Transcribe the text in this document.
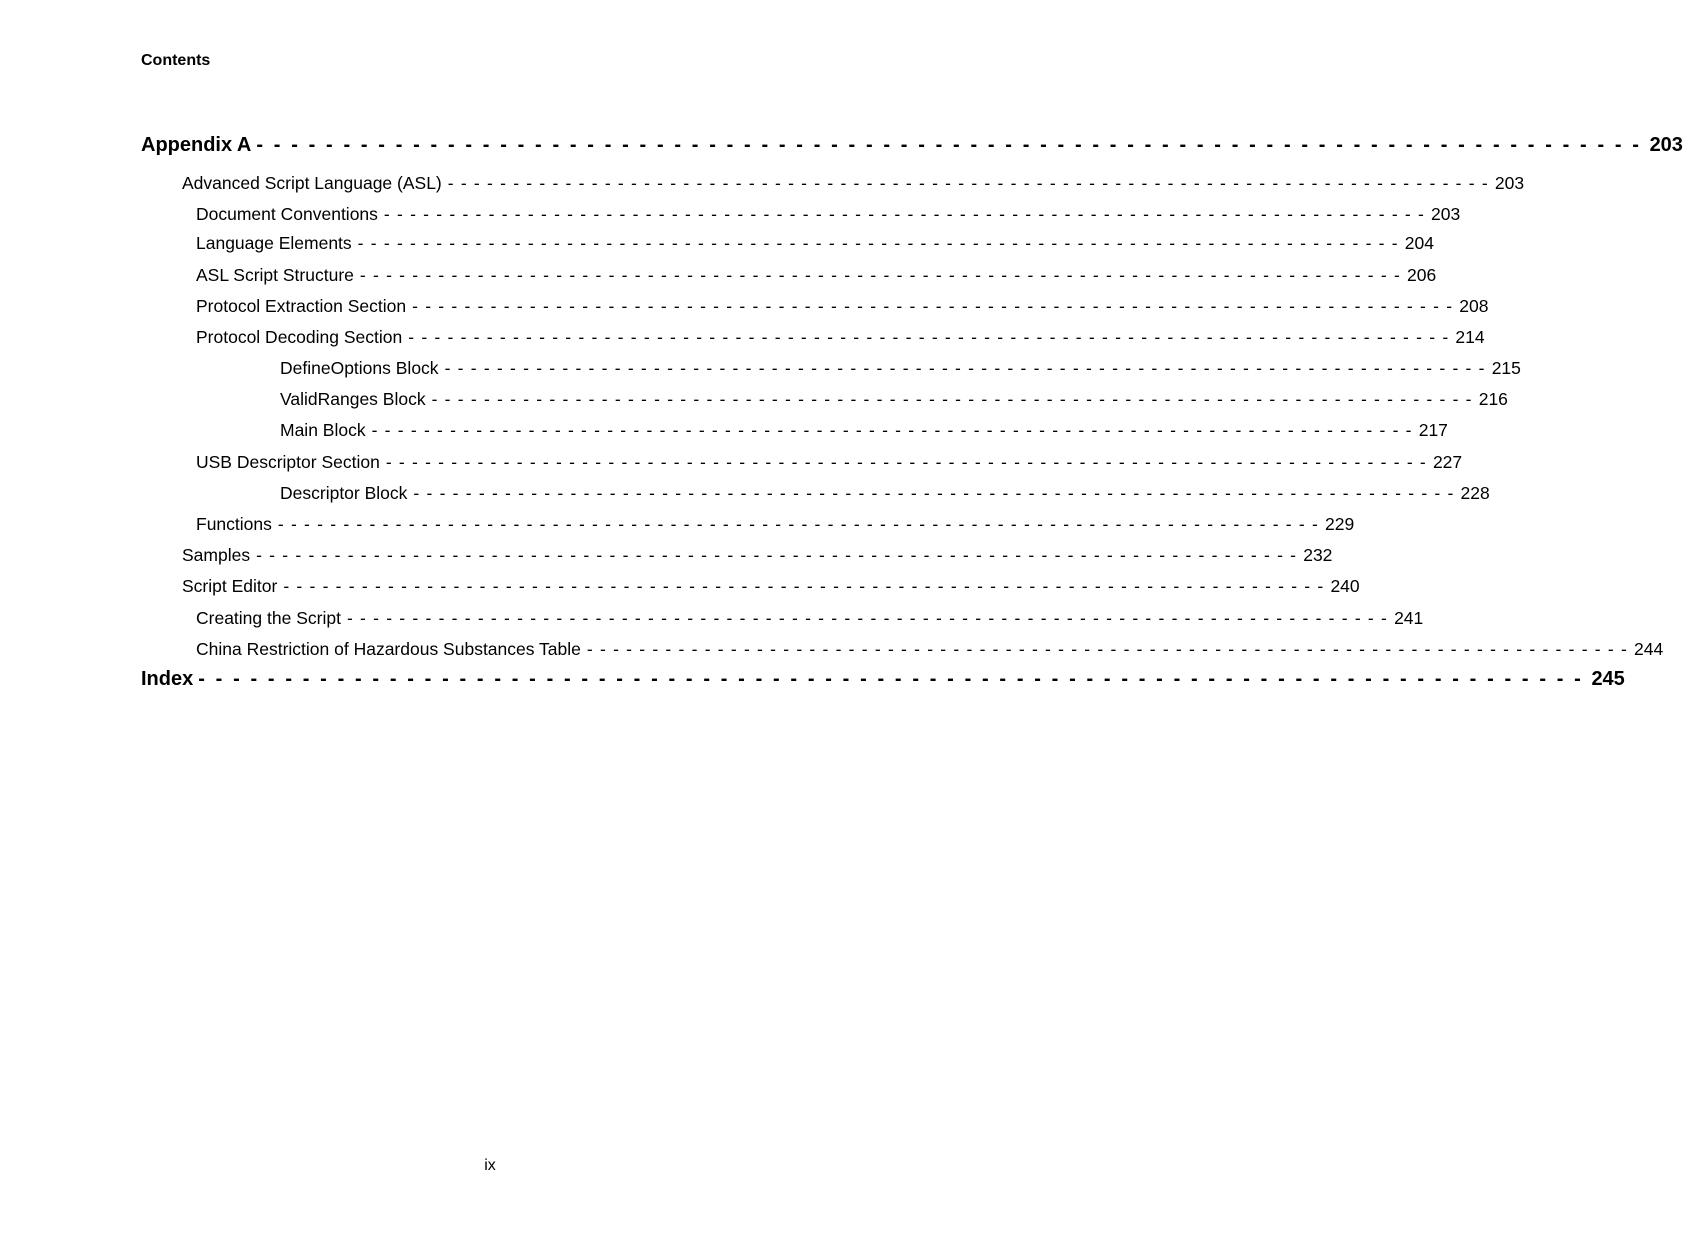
Contents
Appendix A - - - - - - - - - - - - - - - - - - - - - - - - - - - - - - - - - - - - - - - - - - - - - - - - - - - - - - - - - - - - - - - - - - - - - - - - - - - - - - - - 203
Advanced Script Language (ASL) - - - - - - - - - - - - - - - - - - - - - - - - - - - - - - - - - - - - - - - - - - - - - - - - - - - - - - - - - - - - - - - - - - - - - - - - - - - - - - - - 203
Document Conventions - - - - - - - - - - - - - - - - - - - - - - - - - - - - - - - - - - - - - - - - - - - - - - - - - - - - - - - - - - - - - - - - - - - - - - - - - - - - - - - - 203
Language Elements - - - - - - - - - - - - - - - - - - - - - - - - - - - - - - - - - - - - - - - - - - - - - - - - - - - - - - - - - - - - - - - - - - - - - - - - - - - - - - - - 204
ASL Script Structure - - - - - - - - - - - - - - - - - - - - - - - - - - - - - - - - - - - - - - - - - - - - - - - - - - - - - - - - - - - - - - - - - - - - - - - - - - - - - - - - 206
Protocol Extraction Section - - - - - - - - - - - - - - - - - - - - - - - - - - - - - - - - - - - - - - - - - - - - - - - - - - - - - - - - - - - - - - - - - - - - - - - - - - - - - - - - 208
Protocol Decoding Section - - - - - - - - - - - - - - - - - - - - - - - - - - - - - - - - - - - - - - - - - - - - - - - - - - - - - - - - - - - - - - - - - - - - - - - - - - - - - - - - 214
DefineOptions Block - - - - - - - - - - - - - - - - - - - - - - - - - - - - - - - - - - - - - - - - - - - - - - - - - - - - - - - - - - - - - - - - - - - - - - - - - - - - - - - - 215
ValidRanges Block - - - - - - - - - - - - - - - - - - - - - - - - - - - - - - - - - - - - - - - - - - - - - - - - - - - - - - - - - - - - - - - - - - - - - - - - - - - - - - - - 216
Main Block - - - - - - - - - - - - - - - - - - - - - - - - - - - - - - - - - - - - - - - - - - - - - - - - - - - - - - - - - - - - - - - - - - - - - - - - - - - - - - - - 217
USB Descriptor Section - - - - - - - - - - - - - - - - - - - - - - - - - - - - - - - - - - - - - - - - - - - - - - - - - - - - - - - - - - - - - - - - - - - - - - - - - - - - - - - - 227
Descriptor Block - - - - - - - - - - - - - - - - - - - - - - - - - - - - - - - - - - - - - - - - - - - - - - - - - - - - - - - - - - - - - - - - - - - - - - - - - - - - - - - - 228
Functions - - - - - - - - - - - - - - - - - - - - - - - - - - - - - - - - - - - - - - - - - - - - - - - - - - - - - - - - - - - - - - - - - - - - - - - - - - - - - - - - 229
Samples - - - - - - - - - - - - - - - - - - - - - - - - - - - - - - - - - - - - - - - - - - - - - - - - - - - - - - - - - - - - - - - - - - - - - - - - - - - - - - - - 232
Script Editor - - - - - - - - - - - - - - - - - - - - - - - - - - - - - - - - - - - - - - - - - - - - - - - - - - - - - - - - - - - - - - - - - - - - - - - - - - - - - - - - 240
Creating the Script - - - - - - - - - - - - - - - - - - - - - - - - - - - - - - - - - - - - - - - - - - - - - - - - - - - - - - - - - - - - - - - - - - - - - - - - - - - - - - - - 241
China Restriction of Hazardous Substances Table - - - - - - - - - - - - - - - - - - - - - - - - - - - - - - - - - - - - - - - - - - - - - - - - - - - - - - - - - - - - - - - - - - - - - - - - - - - - - - - - 244
Index - - - - - - - - - - - - - - - - - - - - - - - - - - - - - - - - - - - - - - - - - - - - - - - - - - - - - - - - - - - - - - - - - - - - - - - - - - - - - - - - 245
ix
